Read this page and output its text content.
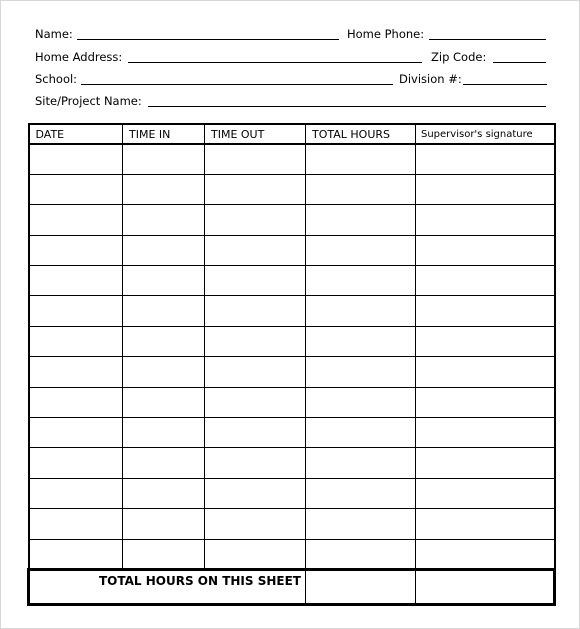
Name:	Home Phone:
Home Address:	Zip Code:
School:	Division #:
Site/Project Name:
DATE	TIME IN	TIME OUT	TOTAL HOURS	Supervisor's signature

TOTAL HOURS ON THIS SHEET				
